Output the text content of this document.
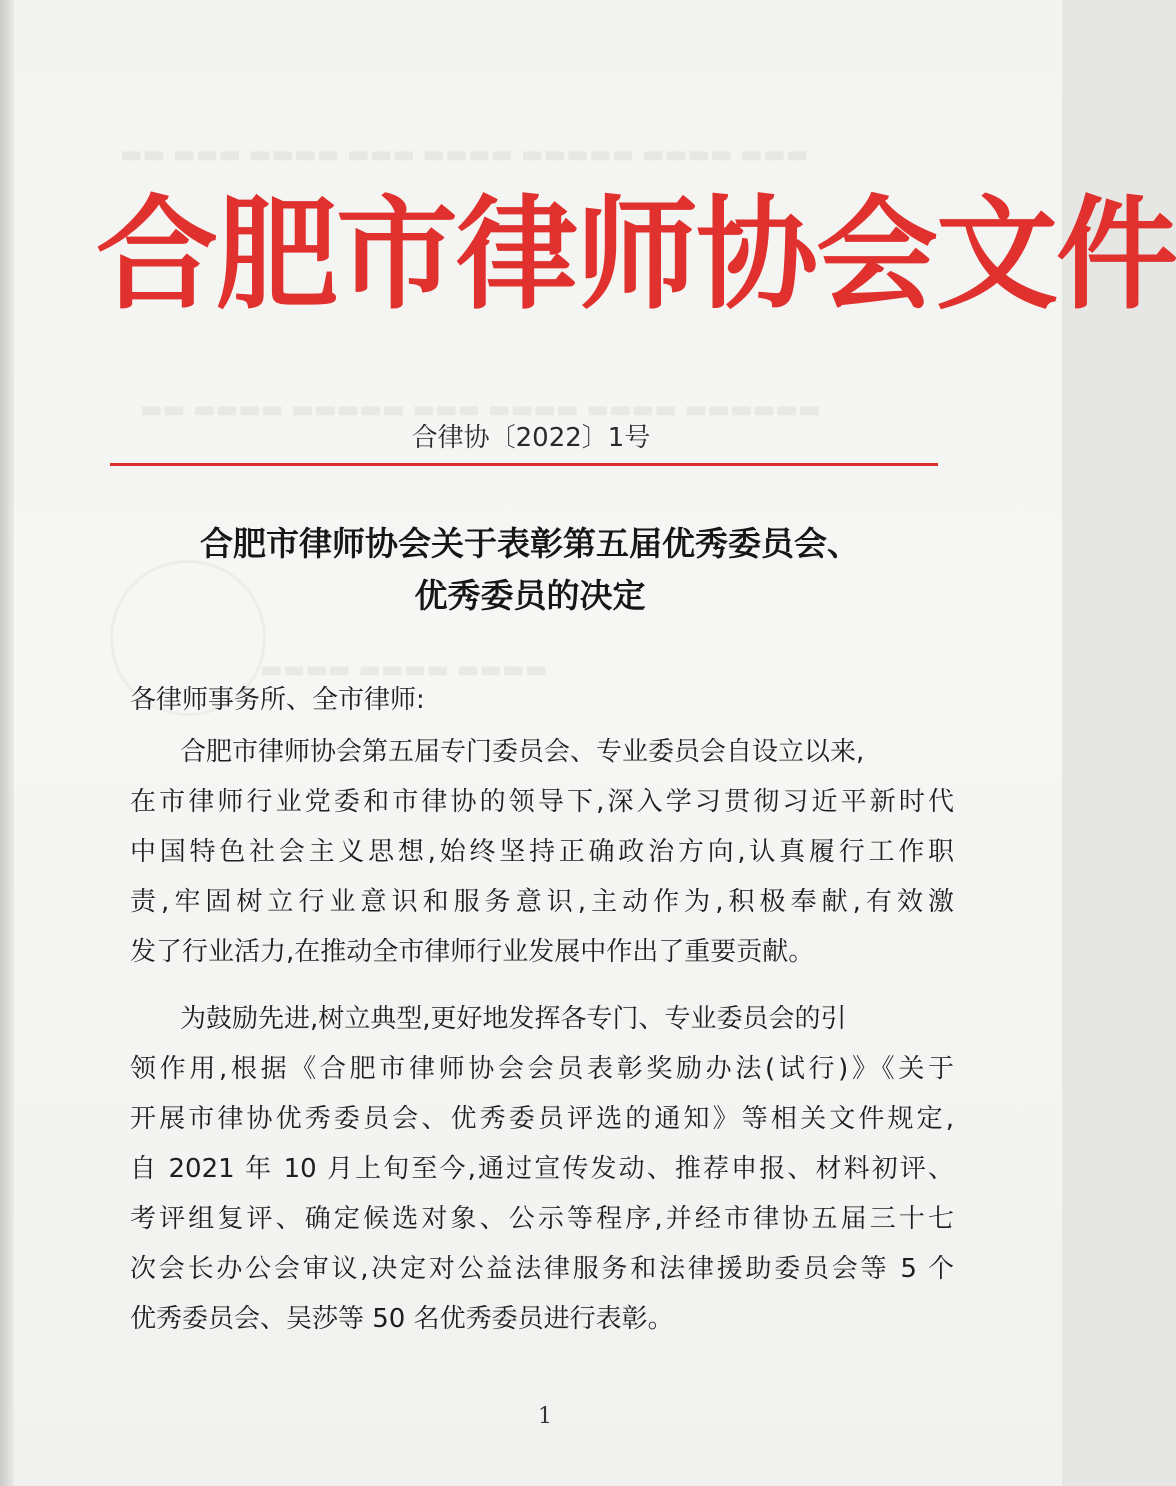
▬▬ ▬▬▬ ▬▬▬▬ ▬▬▬ ▬▬▬▬ ▬▬▬▬▬ ▬▬▬▬ ▬▬▬
▬▬ ▬▬▬▬ ▬▬▬▬▬ ▬▬▬ ▬▬▬▬ ▬▬▬▬ ▬▬▬▬▬▬
▬▬▬▬ ▬▬▬▬ ▬▬▬▬
合肥市律师协会文件
合律协〔2022〕1号
合肥市律师协会关于表彰第五届优秀委员会、
优秀委员的决定
各律师事务所、全市律师:
合肥市律师协会第五届专门委员会、专业委员会自设立以来,
在市律师行业党委和市律协的领导下,深入学习贯彻习近平新时代
中国特色社会主义思想,始终坚持正确政治方向,认真履行工作职
责,牢固树立行业意识和服务意识,主动作为,积极奉献,有效激
发了行业活力,在推动全市律师行业发展中作出了重要贡献。
为鼓励先进,树立典型,更好地发挥各专门、专业委员会的引
领作用,根据《合肥市律师协会会员表彰奖励办法(试行)》《关于
开展市律协优秀委员会、优秀委员评选的通知》等相关文件规定,
自 2021 年 10 月上旬至今,通过宣传发动、推荐申报、材料初评、
考评组复评、确定候选对象、公示等程序,并经市律协五届三十七
次会长办公会审议,决定对公益法律服务和法律援助委员会等 5 个
优秀委员会、吴莎等 50 名优秀委员进行表彰。
1
